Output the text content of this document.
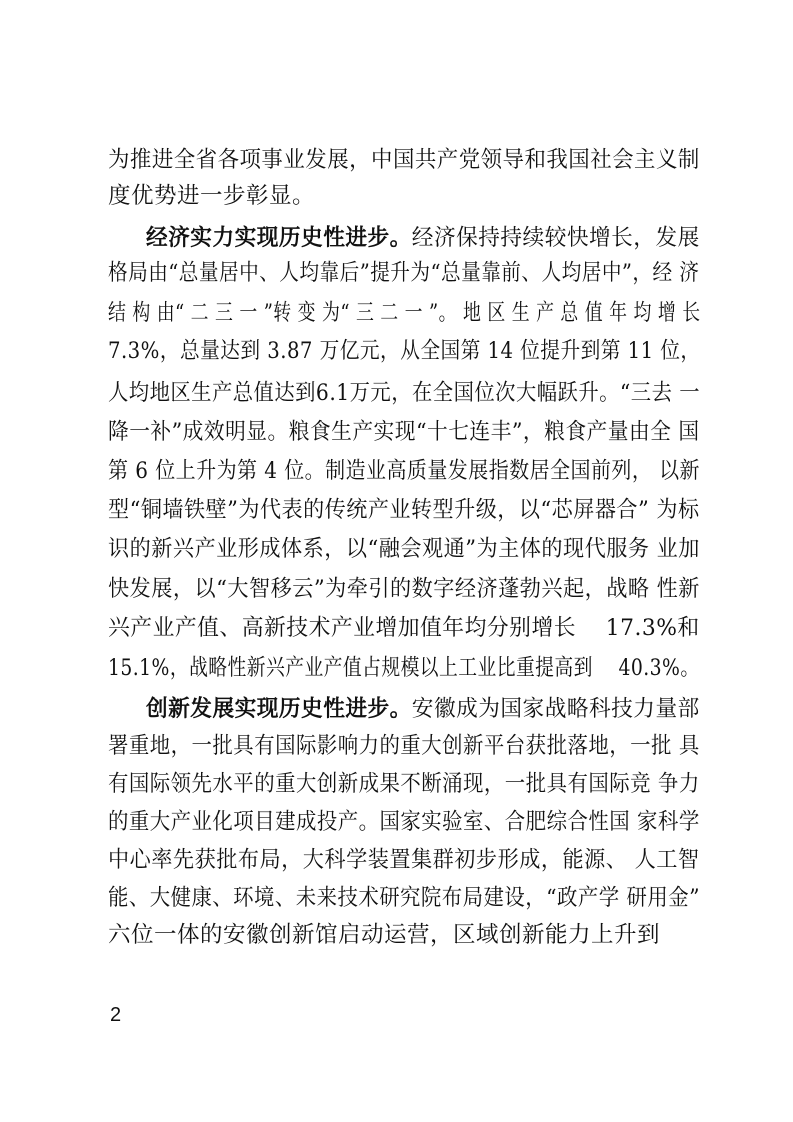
为推进全省各项事业发展，中国共产党领导和我国社会主义制
度优势进一步彰显。
经济实力实现历史性进步。经济保持持续较快增长，发展
格局由“总量居中、人均靠后”提升为“总量靠前、人均居中”，经 济
结 构 由“ 二 三 一 ”转 变 为“ 三 二 一 ”。 地 区 生 产 总 值 年 均 增 长
7.3%，总量达到 3.87 万亿元，从全国第 14 位提升到第 11 位，
人均地区生产总值达到6.1万元，在全国位次大幅跃升。“三去 一
降一补”成效明显。粮食生产实现“十七连丰”，粮食产量由全 国
第 6 位上升为第 4 位。制造业高质量发展指数居全国前列， 以新
型“铜墙铁壁”为代表的传统产业转型升级，以“芯屏器合” 为标
识的新兴产业形成体系，以“融会观通”为主体的现代服务 业加
快发展，以“大智移云”为牵引的数字经济蓬勃兴起，战略 性新
兴产业产值、高新技术产业增加值年均分别增长　 17.3%和
15.1%，战略性新兴产业产值占规模以上工业比重提高到　 40.3%。
创新发展实现历史性进步。安徽成为国家战略科技力量部
署重地，一批具有国际影响力的重大创新平台获批落地，一批 具
有国际领先水平的重大创新成果不断涌现，一批具有国际竞 争力
的重大产业化项目建成投产。国家实验室、合肥综合性国 家科学
中心率先获批布局，大科学装置集群初步形成，能源、 人工智
能、大健康、环境、未来技术研究院布局建设，“政产学 研用金”
六位一体的安徽创新馆启动运营，区域创新能力上升到
2
